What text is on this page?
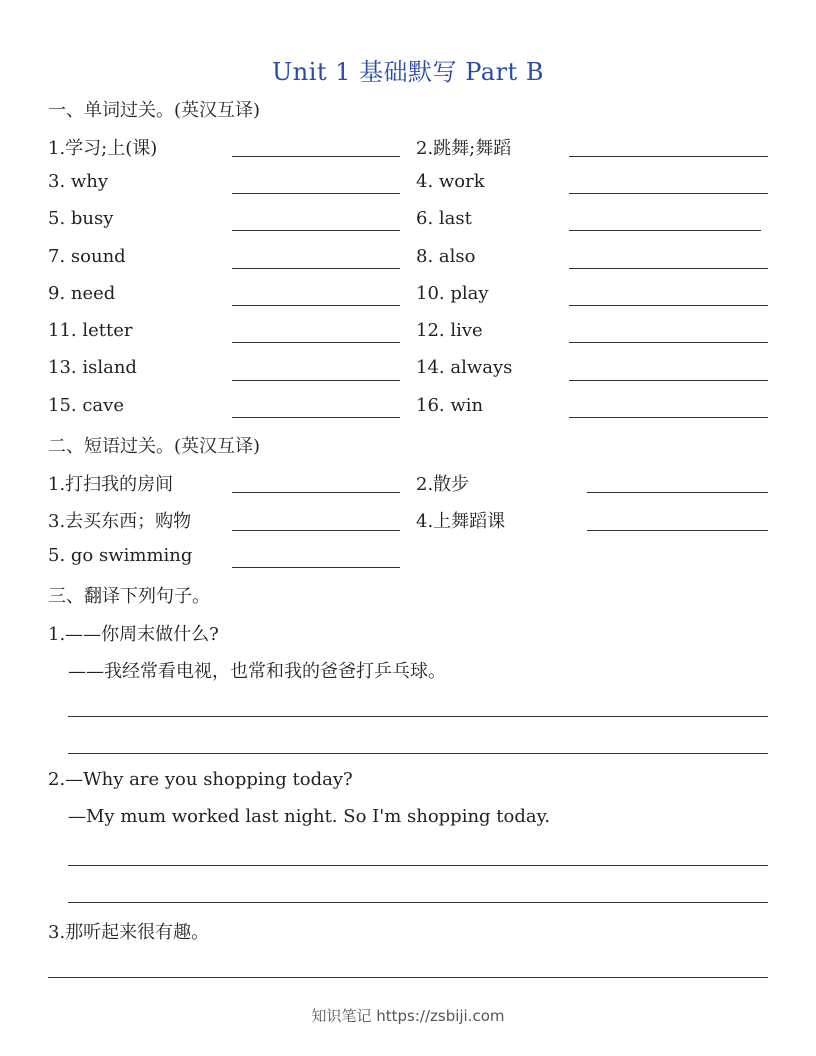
Unit 1 基础默写 Part B
一、单词过关。(英汉互译)
1.学习;上(课)	2.跳舞;舞蹈
3. why	4. work
5. busy	6. last
7. sound	8. also
9. need	10. play
11. letter	12. live
13. island	14. always
15. cave	16. win
二、短语过关。(英汉互译)
1.打扫我的房间	2.散步
3.去买东西；购物	4.上舞蹈课
5. go swimming
三、翻译下列句子。
1.——你周末做什么?
——我经常看电视，也常和我的爸爸打乒乓球。
2.—Why are you shopping today?
—My mum worked last night. So I'm shopping today.
3.那听起来很有趣。
知识笔记 https://zsbiji.com
